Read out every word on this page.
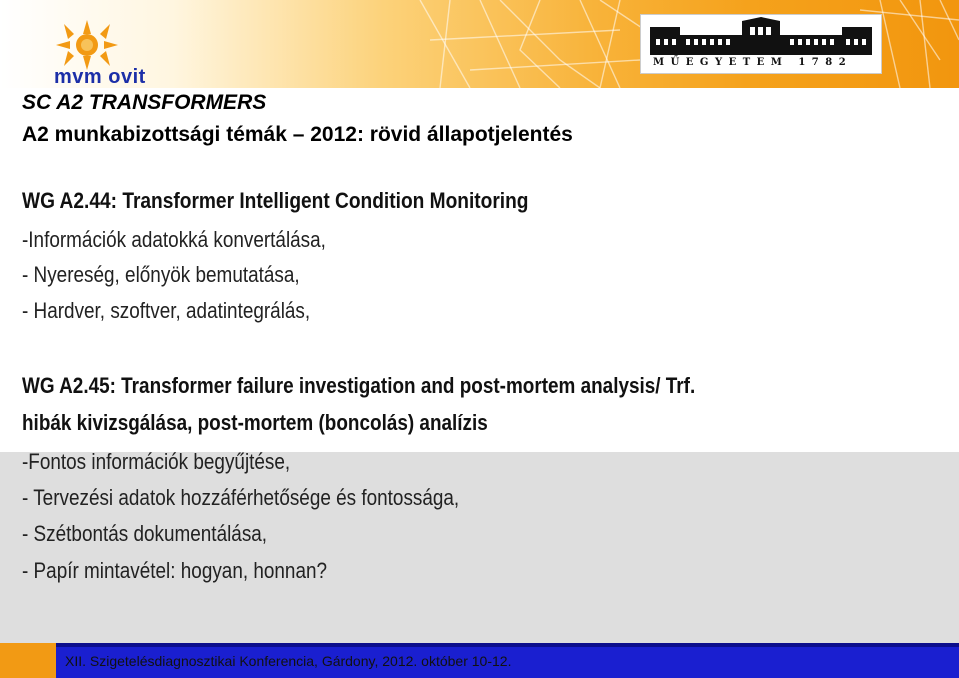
mvm ovit
MŰEGYETEM 1782
SC A2 TRANSFORMERS
A2 munkabizottsági témák – 2012: rövid állapotjelentés
WG A2.44: Transformer Intelligent Condition Monitoring
-Információk adatokká konvertálása,
- Nyereség, előnyök bemutatása,
- Hardver, szoftver, adatintegrálás,
WG A2.45: Transformer failure investigation and post-mortem analysis/ Trf.
hibák kivizsgálása, post-mortem (boncolás) analízis
-Fontos információk begyűjtése,
- Tervezési adatok hozzáférhetősége és fontossága,
- Szétbontás dokumentálása,
- Papír mintavétel: hogyan, honnan?
XII. Szigetelésdiagnosztikai Konferencia, Gárdony, 2012. október 10-12.
